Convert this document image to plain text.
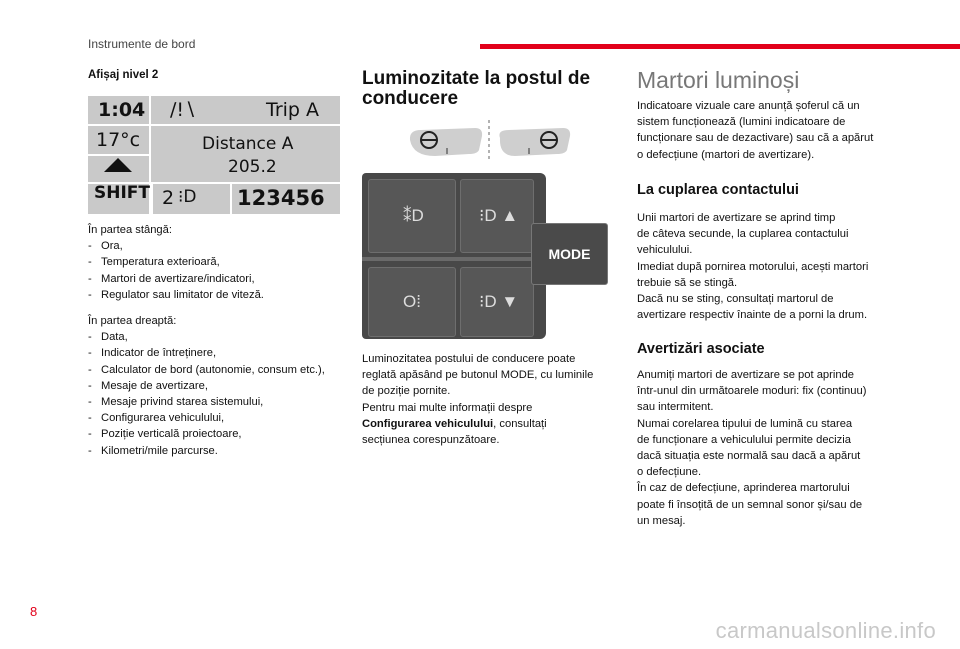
Instrumente de bord
Afișaj nivel 2
1:04 ∕!∖	Trip A
17°c	Distance A
205.2
SHIFT 2 ⁝D 123456
În partea stângă:
- Ora,
- Temperatura exterioară,
- Martori de avertizare/indicatori,
- Regulator sau limitator de viteză.
În partea dreaptă:
- Data,
- Indicator de întreținere,
- Calculator de bord (autonomie, consum etc.),
- Mesaje de avertizare,
- Mesaje privind starea sistemului,
- Configurarea vehiculului,
- Poziție verticală proiectoare,
- Kilometri/mile parcurse.
Luminozitate la postul de
conducere
⁑D	⁝D ▲
O⁞	⁝D ▼
MODE
Luminozitatea postului de conducere poate
reglată apăsând pe butonul MODE, cu luminile
de poziție pornite.
Pentru mai multe informații despre
Configurarea vehiculului, consultați
secțiunea corespunzătoare.
Martori luminoși
Indicatoare vizuale care anunță șoferul că un
sistem funcționează (lumini indicatoare de
funcționare sau de dezactivare) sau că a apărut
o defecțiune (martori de avertizare).
La cuplarea contactului
Unii martori de avertizare se aprind timp
de câteva secunde, la cuplarea contactului
vehiculului.
Imediat după pornirea motorului, acești martori
trebuie să se stingă.
Dacă nu se sting, consultați martorul de
avertizare respectiv înainte de a porni la drum.
Avertizări asociate
Anumiți martori de avertizare se pot aprinde
într-unul din următoarele moduri: fix (continuu)
sau intermitent.
Numai corelarea tipului de lumină cu starea
de funcționare a vehiculului permite decizia
dacă situația este normală sau dacă a apărut
o defecțiune.
În caz de defecțiune, aprinderea martorului
poate fi însoțită de un semnal sonor și/sau de
un mesaj.
8
carmanualsonline.info
